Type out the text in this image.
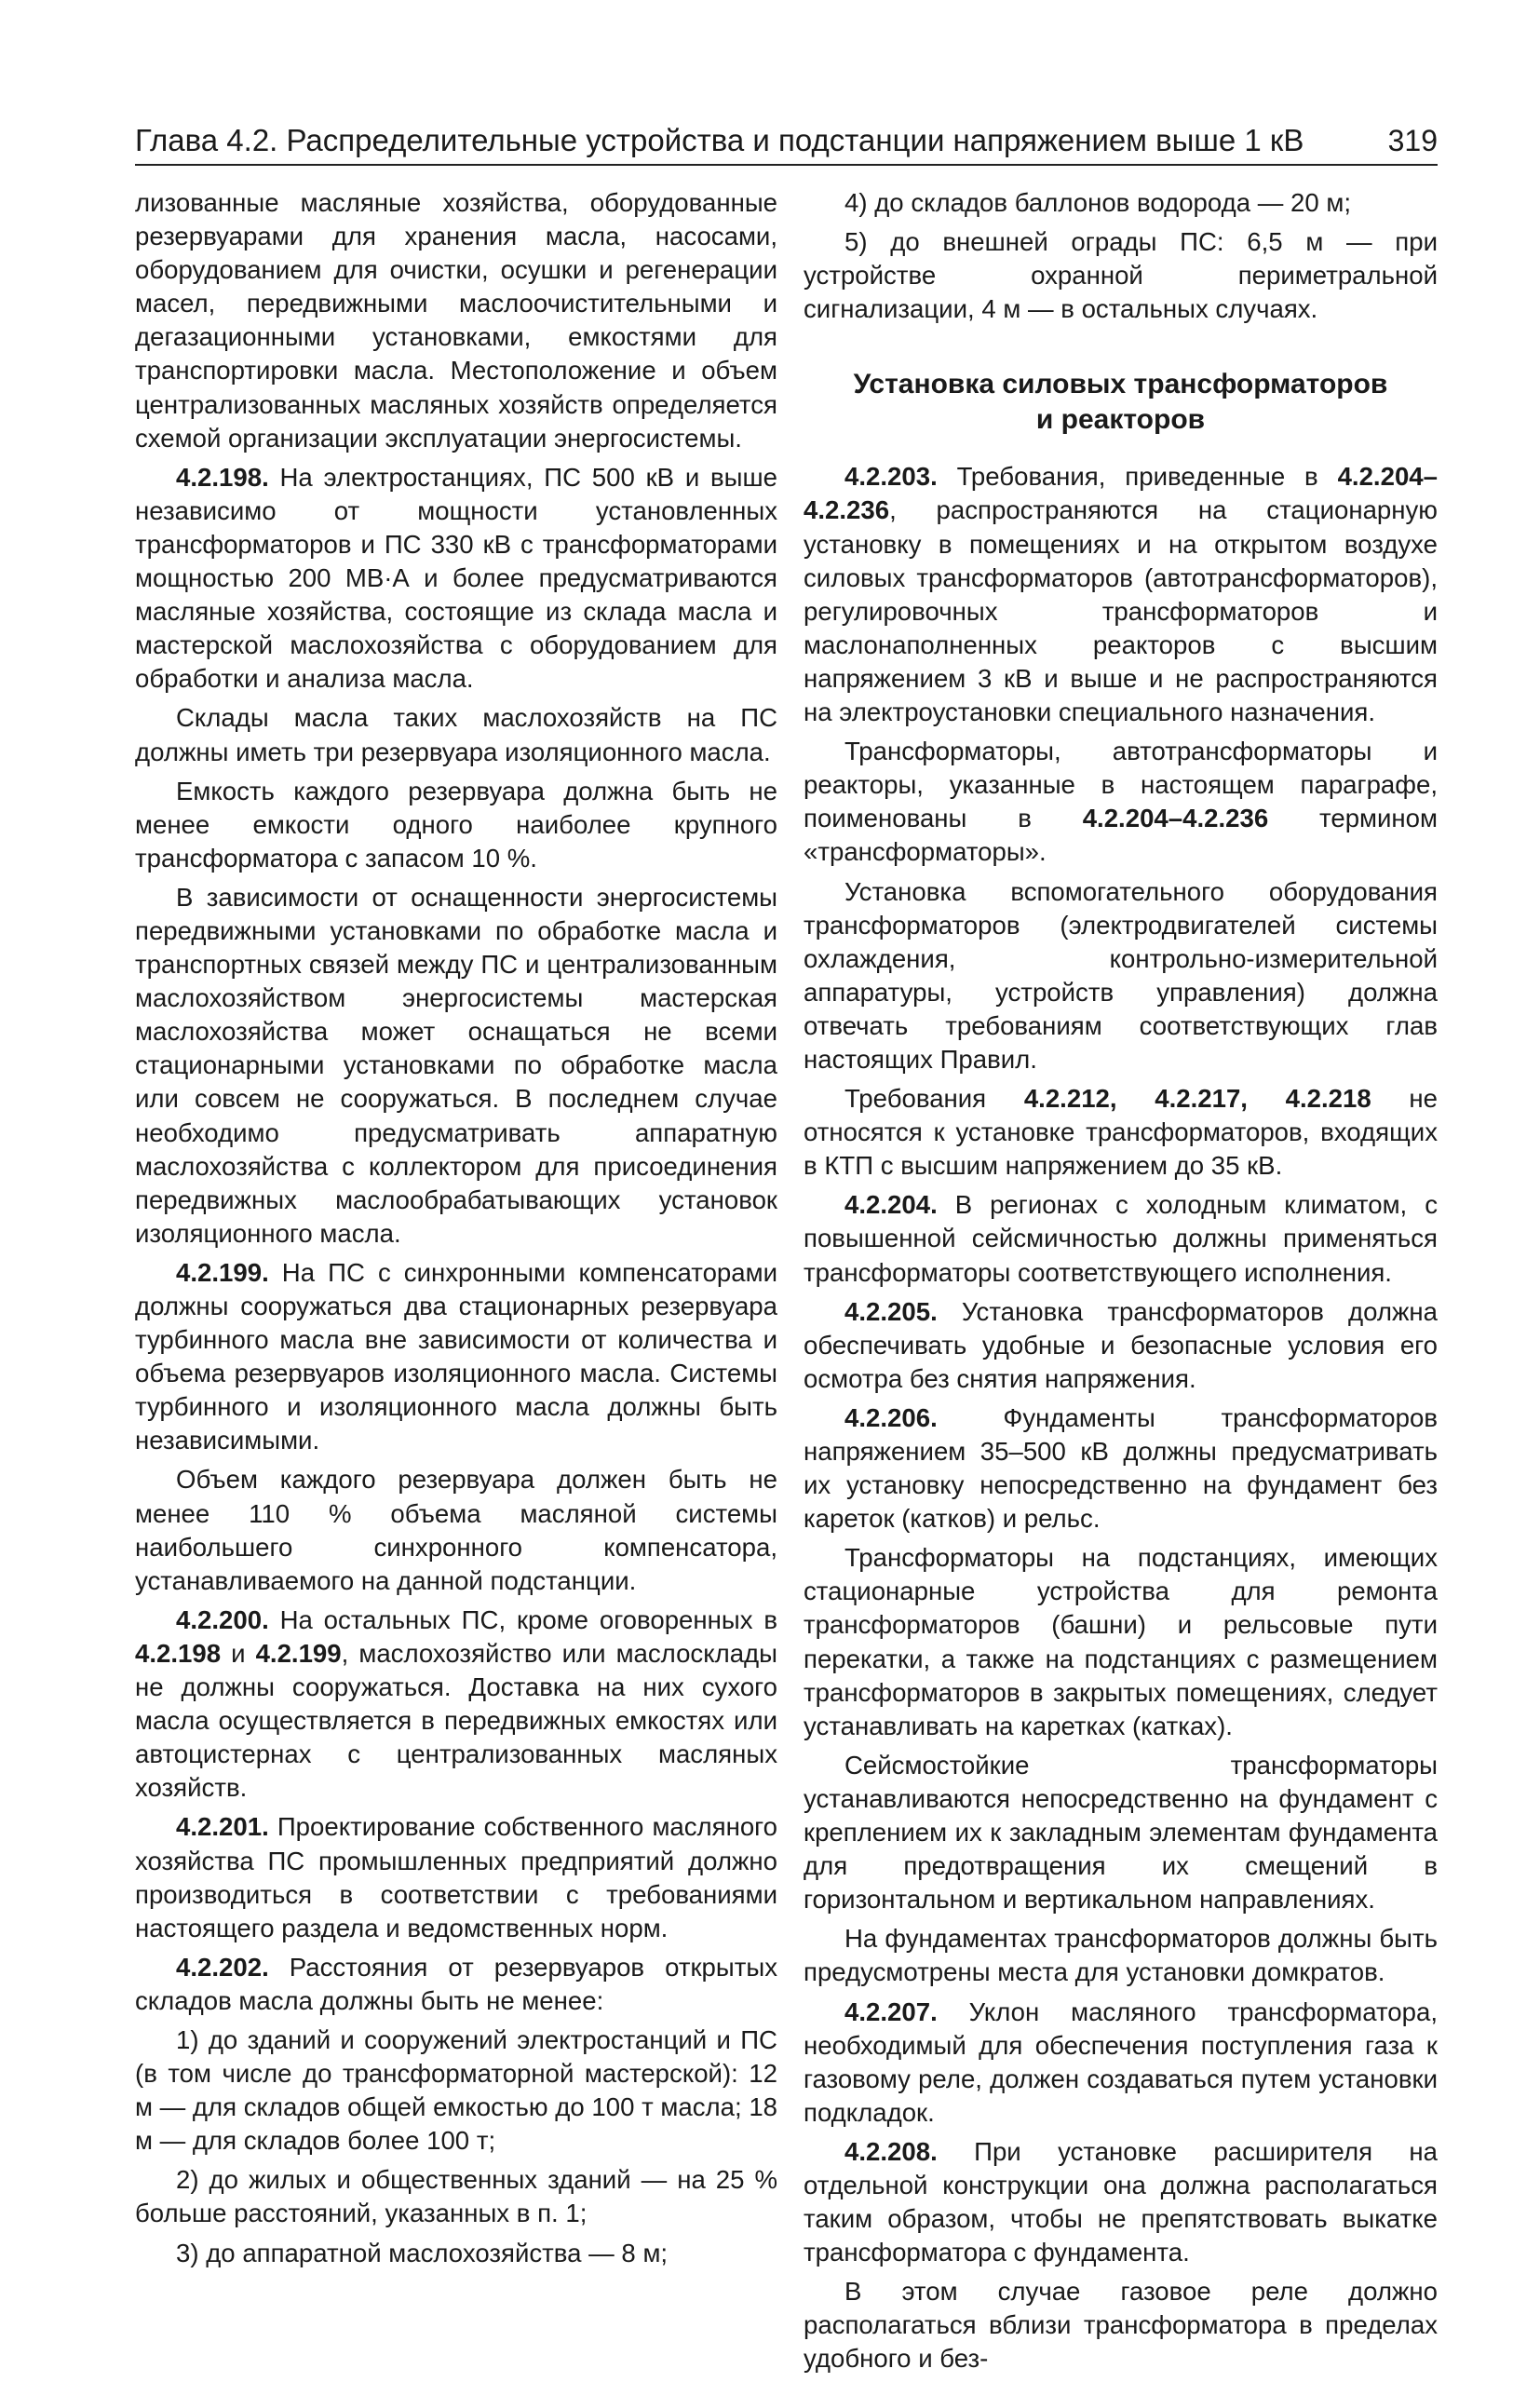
Глава 4.2. Распределительные устройства и подстанции напряжением выше 1 кВ	319

лизованные масляные хозяйства, оборудованные резервуарами для хранения масла, насосами, оборудованием для очистки, осушки и регенерации масел, передвижными маслоочистительными и дегазационными установками, емкостями для транспортировки масла. Местоположение и объем централизованных масляных хозяйств определяется схемой организации эксплуатации энергосистемы.

4.2.198. На электростанциях, ПС 500 кВ и выше независимо от мощности установленных трансформаторов и ПС 330 кВ с трансформаторами мощностью 200 МВ·А и более предусматриваются масляные хозяйства, состоящие из склада масла и мастерской маслохозяйства с оборудованием для обработки и анализа масла.

Склады масла таких маслохозяйств на ПС должны иметь три резервуара изоляционного масла.

Емкость каждого резервуара должна быть не менее емкости одного наиболее крупного трансформатора с запасом 10 %.

В зависимости от оснащенности энергосистемы передвижными установками по обработке масла и транспортных связей между ПС и централизованным маслохозяйством энергосистемы мастерская маслохозяйства может оснащаться не всеми стационарными установками по обработке масла или совсем не сооружаться. В последнем случае необходимо предусматривать аппаратную маслохозяйства с коллектором для присоединения передвижных маслообрабатывающих установок изоляционного масла.

4.2.199. На ПС с синхронными компенсаторами должны сооружаться два стационарных резервуара турбинного масла вне зависимости от количества и объема резервуаров изоляционного масла. Системы турбинного и изоляционного масла должны быть независимыми.

Объем каждого резервуара должен быть не менее 110 % объема масляной системы наибольшего синхронного компенсатора, устанавливаемого на данной подстанции.

4.2.200. На остальных ПС, кроме оговоренных в 4.2.198 и 4.2.199, маслохозяйство или маслосклады не должны сооружаться. Доставка на них сухого масла осуществляется в передвижных емкостях или автоцистернах с централизованных масляных хозяйств.

4.2.201. Проектирование собственного масляного хозяйства ПС промышленных предприятий должно производиться в соответствии с требованиями настоящего раздела и ведомственных норм.

4.2.202. Расстояния от резервуаров открытых складов масла должны быть не менее:

1) до зданий и сооружений электростанций и ПС (в том числе до трансформаторной мастерской): 12 м — для складов общей емкостью до 100 т масла; 18 м — для складов более 100 т;

2) до жилых и общественных зданий — на 25 % больше расстояний, указанных в п. 1;

3) до аппаратной маслохозяйства — 8 м;

4) до складов баллонов водорода — 20 м;

5) до внешней ограды ПС: 6,5 м — при устройстве охранной периметральной сигнализации, 4 м — в остальных случаях.

Установка силовых трансформаторов
и реакторов

4.2.203. Требования, приведенные в 4.2.204–4.2.236, распространяются на стационарную установку в помещениях и на открытом воздухе силовых трансформаторов (автотрансформаторов), регулировочных трансформаторов и маслонаполненных реакторов с высшим напряжением 3 кВ и выше и не распространяются на электроустановки специального назначения.

Трансформаторы, автотрансформаторы и реакторы, указанные в настоящем параграфе, поименованы в 4.2.204–4.2.236 термином «трансформаторы».

Установка вспомогательного оборудования трансформаторов (электродвигателей системы охлаждения, контрольно-измерительной аппаратуры, устройств управления) должна отвечать требованиям соответствующих глав настоящих Правил.

Требования 4.2.212, 4.2.217, 4.2.218 не относятся к установке трансформаторов, входящих в КТП с высшим напряжением до 35 кВ.

4.2.204. В регионах с холодным климатом, с повышенной сейсмичностью должны применяться трансформаторы соответствующего исполнения.

4.2.205. Установка трансформаторов должна обеспечивать удобные и безопасные условия его осмотра без снятия напряжения.

4.2.206. Фундаменты трансформаторов напряжением 35–500 кВ должны предусматривать их установку непосредственно на фундамент без кареток (катков) и рельс.

Трансформаторы на подстанциях, имеющих стационарные устройства для ремонта трансформаторов (башни) и рельсовые пути перекатки, а также на подстанциях с размещением трансформаторов в закрытых помещениях, следует устанавливать на каретках (катках).

Сейсмостойкие трансформаторы устанавливаются непосредственно на фундамент с креплением их к закладным элементам фундамента для предотвращения их смещений в горизонтальном и вертикальном направлениях.

На фундаментах трансформаторов должны быть предусмотрены места для установки домкратов.

4.2.207. Уклон масляного трансформатора, необходимый для обеспечения поступления газа к газовому реле, должен создаваться путем установки подкладок.

4.2.208. При установке расширителя на отдельной конструкции она должна располагаться таким образом, чтобы не препятствовать выкатке трансформатора с фундамента.

В этом случае газовое реле должно располагаться вблизи трансформатора в пределах удобного и без-
